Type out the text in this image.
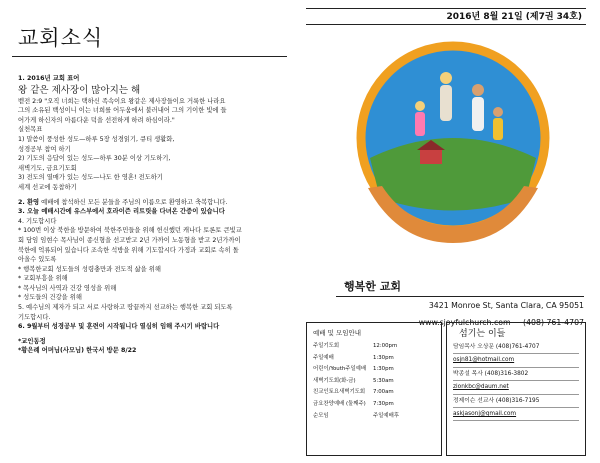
교회소식

1. 2016년 교회 표어

왕 같은 제사장이 많아지는 해

벧전 2:9 "오직 너희는 택하신 족속이요 왕같은 제사장들이요 거룩한 나라요

그의 소유된 백성이니 이는 너희를 어두움에서 불러내어 그의 기이한 빛에 들

어가게 하신자의 아름다운 덕을 선전하게 하려 하심이라."

실천목표

1) 말씀이 풍성한 성도—하루 5장 성경읽기, 큐티 생활화,

성경공부 참여 하기

2) 기도의 응답이 있는 성도—하루 30분 이상 기도하기,

새벽기도, 금요기도회

3) 전도의 열매가 있는 성도—나도 한 영혼! 전도하기

세계 선교에 동참하기

2. 환영 예배에 참석하신 모든 분들을 주님의 이름으로 환영하고 축복합니다.

3. 오늘 예배시간에 유스부에서 호라이즌 리트릿을 다녀온 간증이 있습니다

4. 기도합시다

* 100번 이상 북한을 방문하여 북한주민들을 위해 헌신했던 캐나다 토론토 큰빛교

회 담임 임현수 목사님이 종신형을 선고받고 2년 가까이 노동형을 받고 2년가까이

북한에 억류되어 있습니다 조속한 석방을 위해 기도합시다 가정과 교회로 속히 돌

아올수 있도록

* 행복한교회 성도들의 성령충만과 전도적 삶을 위해

* 교회부흥을 위해

* 목사님의 사역과 건강 영성을 위해

* 성도들의 건강을 위해

5. 예수님의 제자가 되고 서로 사랑하고 땅끝까지 선교하는 행복한 교회 되도록

기도합시다.

6. 9월부터 성경공부 및 훈련이 시작됩니다 열심히 임해 주시기 바랍니다

*교인동정

*황은례 어머님(사모님) 한국서 방문 8/22

2016년 8월 21일 (제7권 34호)
행복한 교회
3421 Monroe St, Santa Clara, CA 95051
www.sjoyfulchurch.com (408) 761-4707
예배 및 모임안내
주일기도회	12:00pm
주일예배	1:30pm
어린이/Youth주일예배	1:30pm
새벽기도회(화-금)	5:30am
친교인토요새벽기도회	7:00am
금요찬양예배 (둘째주)	7:30pm
순모임	주일예배후
섬기는 이들
담임목사 오상문 (408)761-4707
osjn81@hotmail.com
박종설 목사 (408)316-3802
zionkbc@daum.net
정제이슨 선교사 (408)316-7195
askjasonj@gmail.com
